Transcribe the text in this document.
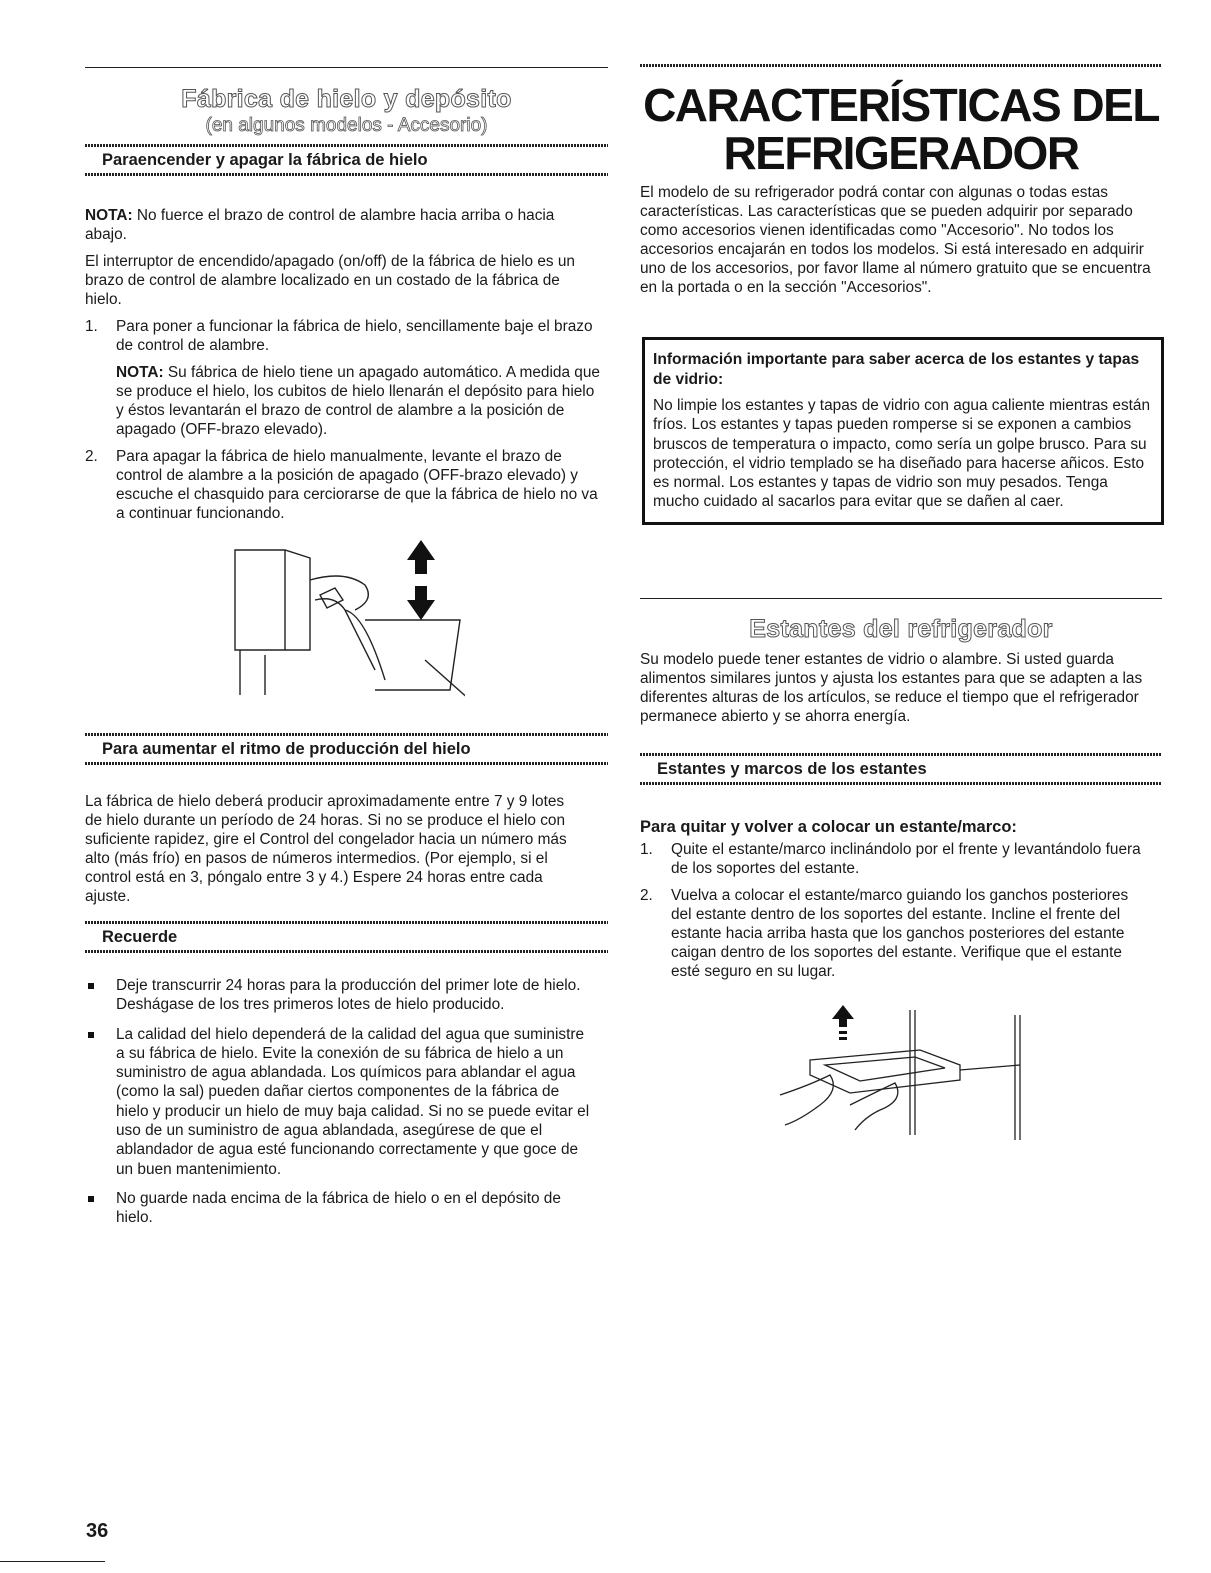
Fábrica de hielo y depósito
(en algunos modelos - Accesorio)
Paraencender y apagar la fábrica de hielo

NOTA: No fuerce el brazo de control de alambre hacia arriba o hacia abajo.

El interruptor de encendido/apagado (on/off) de la fábrica de hielo es un brazo de control de alambre localizado en un costado de la fábrica de hielo.

1. Para poner a funcionar la fábrica de hielo, sencillamente baje el brazo de control de alambre.

NOTA: Su fábrica de hielo tiene un apagado automático. A medida que se produce el hielo, los cubitos de hielo llenarán el depósito para hielo y éstos levantarán el brazo de control de alambre a la posición de apagado (OFF-brazo elevado).

2. Para apagar la fábrica de hielo manualmente, levante el brazo de control de alambre a la posición de apagado (OFF-brazo elevado) y escuche el chasquido para cerciorarse de que la fábrica de hielo no va a continuar funcionando.
Para aumentar el ritmo de producción del hielo

La fábrica de hielo deberá producir aproximadamente entre 7 y 9 lotes de hielo durante un período de 24 horas. Si no se produce el hielo con suficiente rapidez, gire el Control del congelador hacia un número más alto (más frío) en pasos de números intermedios. (Por ejemplo, si el control está en 3, póngalo entre 3 y 4.) Espere 24 horas entre cada ajuste.

Recuerde
Deje transcurrir 24 horas para la producción del primer lote de hielo. Deshágase de los tres primeros lotes de hielo producido.
La calidad del hielo dependerá de la calidad del agua que suministre a su fábrica de hielo. Evite la conexión de su fábrica de hielo a un suministro de agua ablandada. Los químicos para ablandar el agua (como la sal) pueden dañar ciertos componentes de la fábrica de hielo y producir un hielo de muy baja calidad. Si no se puede evitar el uso de un suministro de agua ablandada, asegúrese de que el ablandador de agua esté funcionando correctamente y que goce de un buen mantenimiento.
No guarde nada encima de la fábrica de hielo o en el depósito de hielo.
CARACTERÍSTICAS DEL
REFRIGERADOR

El modelo de su refrigerador podrá contar con algunas o todas estas características. Las características que se pueden adquirir por separado como accesorios vienen identificadas como "Accesorio". No todos los accesorios encajarán en todos los modelos. Si está interesado en adquirir uno de los accesorios, por favor llame al número gratuito que se encuentra en la portada o en la sección "Accesorios".

Información importante para saber acerca de los estantes y tapas de vidrio:

No limpie los estantes y tapas de vidrio con agua caliente mientras están fríos. Los estantes y tapas pueden romperse si se exponen a cambios bruscos de temperatura o impacto, como sería un golpe brusco. Para su protección, el vidrio templado se ha diseñado para hacerse añicos. Esto es normal. Los estantes y tapas de vidrio son muy pesados. Tenga mucho cuidado al sacarlos para evitar que se dañen al caer.

Estantes del refrigerador

Su modelo puede tener estantes de vidrio o alambre. Si usted guarda alimentos similares juntos y ajusta los estantes para que se adapten a las diferentes alturas de los artículos, se reduce el tiempo que el refrigerador permanece abierto y se ahorra energía.

Estantes y marcos de los estantes
Para quitar y volver a colocar un estante/marco:
1. Quite el estante/marco inclinándolo por el frente y levantándolo fuera de los soportes del estante.
2. Vuelva a colocar el estante/marco guiando los ganchos posteriores del estante dentro de los soportes del estante. Incline el frente del estante hacia arriba hasta que los ganchos posteriores del estante caigan dentro de los soportes del estante. Verifique que el estante esté seguro en su lugar.
36
